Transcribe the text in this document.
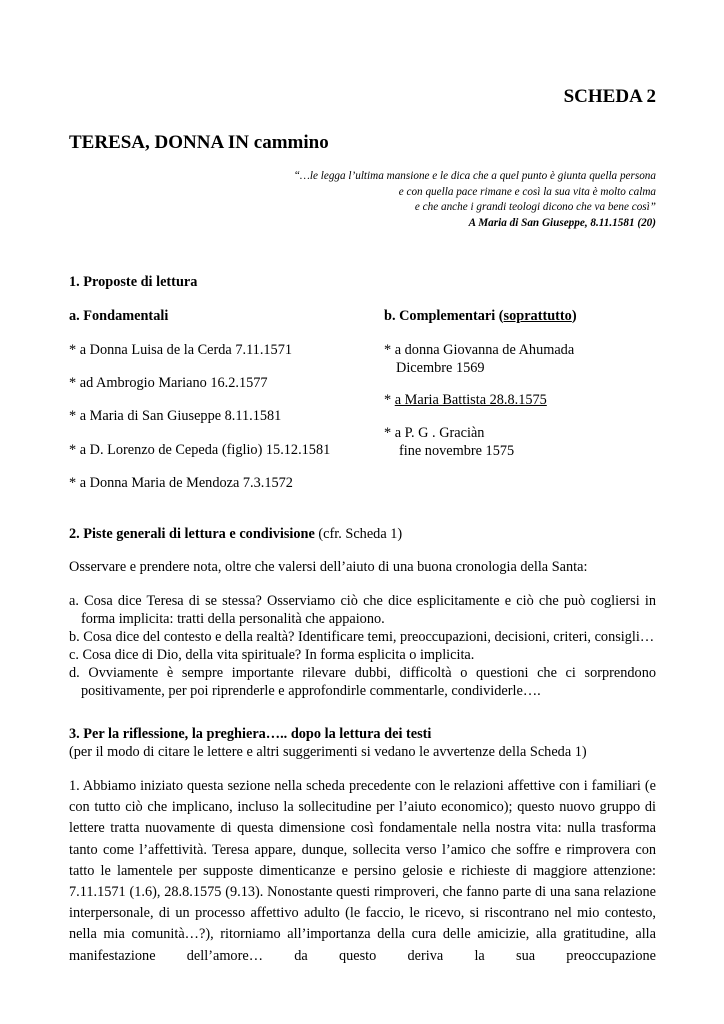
SCHEDA 2
TERESA, DONNA IN cammino
“…le legga l’ultima mansione e le dica che a quel punto è giunta quella persona
e con quella pace rimane e così la sua vita è molto calma
e che anche i grandi teologi dicono che va bene così”
A Maria di San Giuseppe, 8.11.1581 (20)
1. Proposte di lettura
a. Fondamentali	b. Complementari (soprattutto)
* a Donna Luisa de la Cerda 7.11.1571
* ad Ambrogio Mariano 16.2.1577
* a Maria di San Giuseppe 8.11.1581
* a D. Lorenzo de Cepeda (figlio) 15.12.1581
* a Donna Maria de Mendoza 7.3.1572
* a donna Giovanna de Ahumada
Dicembre 1569
* a Maria Battista 28.8.1575
* a P. G . Graciàn
fine novembre 1575
2. Piste generali di lettura e condivisione (cfr. Scheda 1)
Osservare e prendere nota, oltre che valersi dell’aiuto di una buona cronologia della Santa:
a. Cosa dice Teresa di se stessa? Osserviamo ciò che dice esplicitamente e ciò che può cogliersi in forma implicita: tratti della personalità che appaiono.
b. Cosa dice del contesto e della realtà? Identificare temi, preoccupazioni, decisioni, criteri, consigli…
c. Cosa dice di Dio, della vita spirituale? In forma esplicita o implicita.
d. Ovviamente è sempre importante rilevare dubbi, difficoltà o questioni che ci sorprendono positivamente, per poi riprenderle e approfondirle commentarle, condividerle….
3. Per la riflessione, la preghiera….. dopo la lettura dei testi
(per il modo di citare le lettere e altri suggerimenti si vedano le avvertenze della Scheda 1)
1. Abbiamo iniziato questa sezione nella scheda precedente con le relazioni affettive con i familiari (e con tutto ciò che implicano, incluso la sollecitudine per l’aiuto economico); questo nuovo gruppo di lettere tratta nuovamente di questa dimensione così fondamentale nella nostra vita: nulla trasforma tanto come l’affettività. Teresa appare, dunque, sollecita verso l’amico che soffre e rimprovera con tatto le lamentele per supposte dimenticanze e persino gelosie e richieste di maggiore attenzione: 7.11.1571 (1.6), 28.8.1575 (9.13). Nonostante questi rimproveri, che fanno parte di una sana relazione interpersonale, di un processo affettivo adulto (le faccio, le ricevo, si riscontrano nel mio contesto, nella mia comunità…?), ritorniamo all’importanza della cura delle amicizie, alla gratitudine, alla manifestazione dell’amore… da questo deriva la sua preoccupazione
